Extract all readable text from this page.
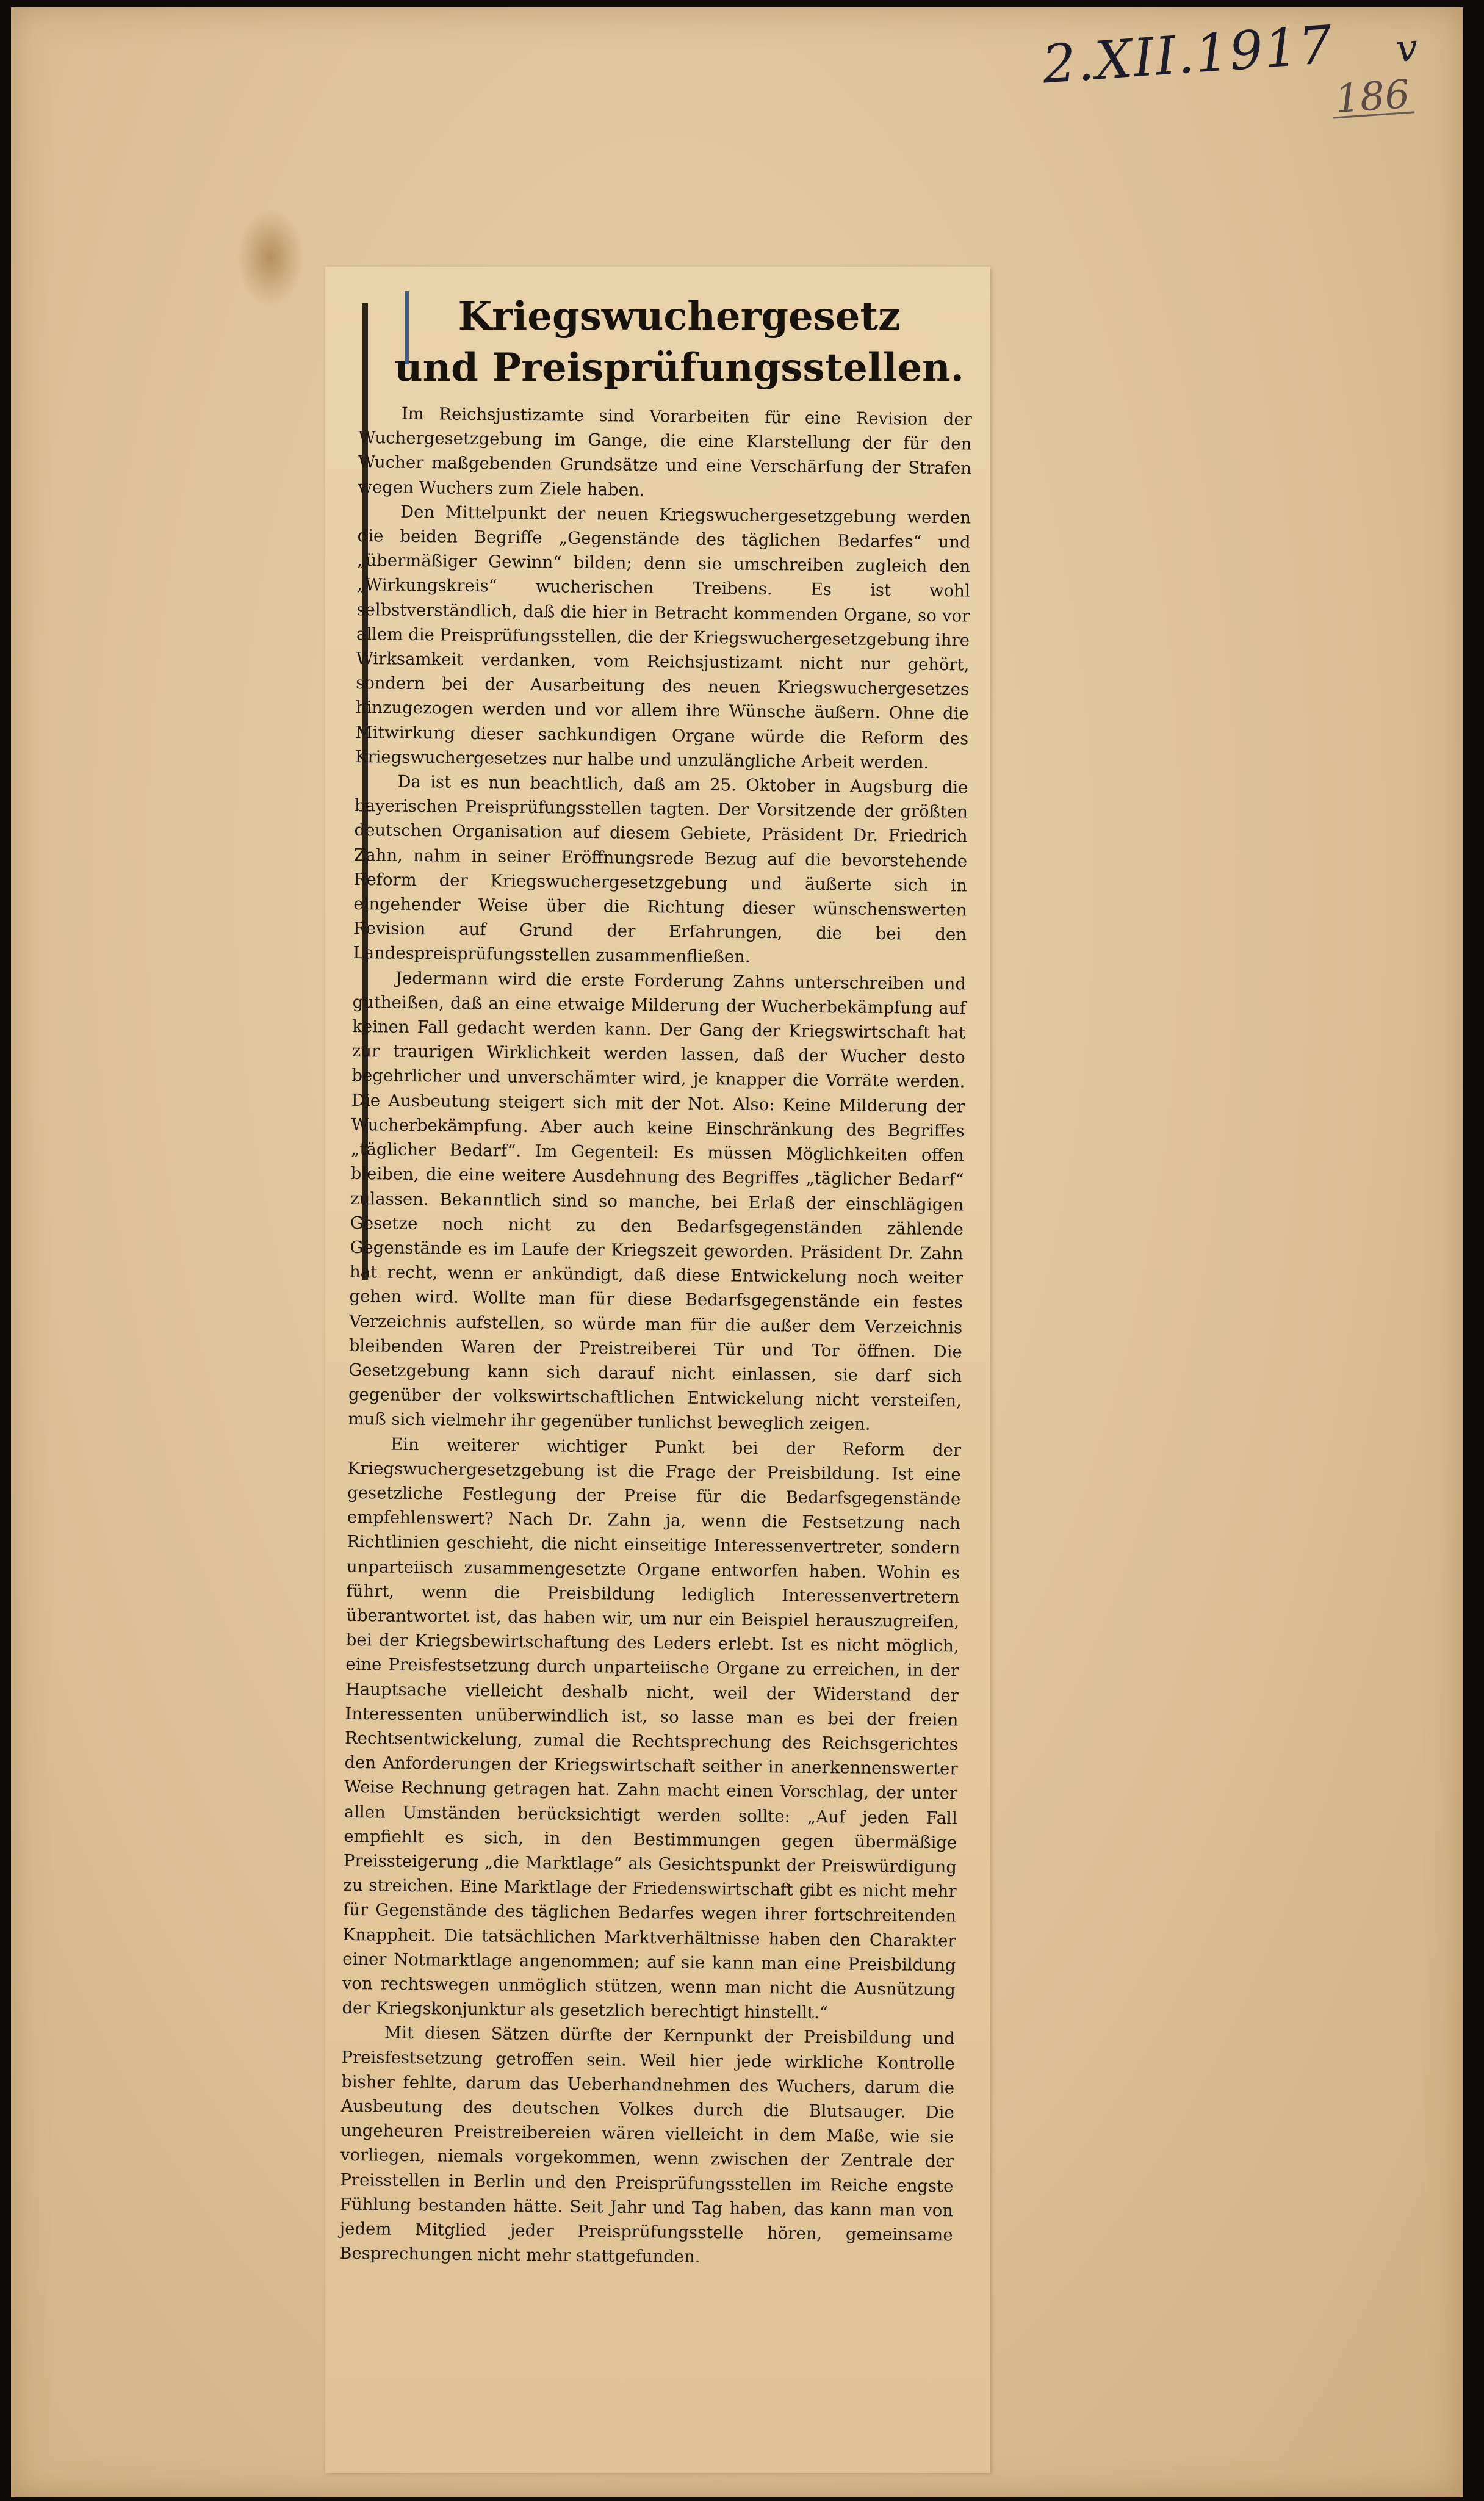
2.XII.1917 v
186
Kriegswuchergesetz
und Preisprüfungsstellen.

Im Reichsjustizamte sind Vorarbeiten für eine Revision der Wuchergesetzgebung im Gange, die eine Klarstellung der für den Wucher maßgebenden Grundsätze und eine Verschärfung der Strafen wegen Wuchers zum Ziele haben.

Den Mittelpunkt der neuen Kriegswuchergesetzgebung werden die beiden Begriffe „Gegenstände des täglichen Bedarfes“ und „übermäßiger Gewinn“ bilden; denn sie umschreiben zugleich den „Wirkungskreis“ wucherischen Treibens. Es ist wohl selbstverständlich, daß die hier in Betracht kommenden Organe, so vor allem die Preisprüfungsstellen, die der Kriegswuchergesetzgebung ihre Wirksamkeit verdanken, vom Reichsjustizamt nicht nur gehört, sondern bei der Ausarbeitung des neuen Kriegswuchergesetzes hinzugezogen werden und vor allem ihre Wünsche äußern. Ohne die Mitwirkung dieser sachkundigen Organe würde die Reform des Kriegswuchergesetzes nur halbe und unzulängliche Arbeit werden.

Da ist es nun beachtlich, daß am 25. Oktober in Augsburg die bayerischen Preisprüfungsstellen tagten. Der Vorsitzende der größten deutschen Organisation auf diesem Gebiete, Präsident Dr. Friedrich Zahn, nahm in seiner Eröffnungsrede Bezug auf die bevorstehende Reform der Kriegswuchergesetzgebung und äußerte sich in eingehender Weise über die Richtung dieser wünschenswerten Revision auf Grund der Erfahrungen, die bei den Landespreisprüfungsstellen zusammenfließen.

Jedermann wird die erste Forderung Zahns unterschreiben und gutheißen, daß an eine etwaige Milderung der Wucherbekämpfung auf keinen Fall gedacht werden kann. Der Gang der Kriegswirtschaft hat zur traurigen Wirklichkeit werden lassen, daß der Wucher desto begehrlicher und unverschämter wird, je knapper die Vorräte werden. Die Ausbeutung steigert sich mit der Not. Also: Keine Milderung der Wucherbekämpfung. Aber auch keine Einschränkung des Begriffes „täglicher Bedarf“. Im Gegenteil: Es müssen Möglichkeiten offen bleiben, die eine weitere Ausdehnung des Begriffes „täglicher Bedarf“ zulassen. Bekanntlich sind so manche, bei Erlaß der einschlägigen Gesetze noch nicht zu den Bedarfsgegenständen zählende Gegenstände es im Laufe der Kriegszeit geworden. Präsident Dr. Zahn hat recht, wenn er ankündigt, daß diese Entwickelung noch weiter gehen wird. Wollte man für diese Bedarfsgegenstände ein festes Verzeichnis aufstellen, so würde man für die außer dem Verzeichnis bleibenden Waren der Preistreiberei Tür und Tor öffnen. Die Gesetzgebung kann sich darauf nicht einlassen, sie darf sich gegenüber der volkswirtschaftlichen Entwickelung nicht versteifen, muß sich vielmehr ihr gegenüber tunlichst beweglich zeigen.

Ein weiterer wichtiger Punkt bei der Reform der Kriegswuchergesetzgebung ist die Frage der Preisbildung. Ist eine gesetzliche Festlegung der Preise für die Bedarfsgegenstände empfehlenswert? Nach Dr. Zahn ja, wenn die Festsetzung nach Richtlinien geschieht, die nicht einseitige Interessenvertreter, sondern unparteiisch zusammengesetzte Organe entworfen haben. Wohin es führt, wenn die Preisbildung lediglich Interessenvertretern überantwortet ist, das haben wir, um nur ein Beispiel herauszugreifen, bei der Kriegsbewirtschaftung des Leders erlebt. Ist es nicht möglich, eine Preisfestsetzung durch unparteiische Organe zu erreichen, in der Hauptsache vielleicht deshalb nicht, weil der Widerstand der Interessenten unüberwindlich ist, so lasse man es bei der freien Rechtsentwickelung, zumal die Rechtsprechung des Reichsgerichtes den Anforderungen der Kriegswirtschaft seither in anerkennenswerter Weise Rechnung getragen hat. Zahn macht einen Vorschlag, der unter allen Umständen berücksichtigt werden sollte: „Auf jeden Fall empfiehlt es sich, in den Bestimmungen gegen übermäßige Preissteigerung „die Marktlage“ als Gesichtspunkt der Preiswürdigung zu streichen. Eine Marktlage der Friedenswirtschaft gibt es nicht mehr für Gegenstände des täglichen Bedarfes wegen ihrer fortschreitenden Knappheit. Die tatsächlichen Marktverhältnisse haben den Charakter einer Notmarktlage angenommen; auf sie kann man eine Preisbildung von rechtswegen unmöglich stützen, wenn man nicht die Ausnützung der Kriegskonjunktur als gesetzlich berechtigt hinstellt.“

Mit diesen Sätzen dürfte der Kernpunkt der Preisbildung und Preisfestsetzung getroffen sein. Weil hier jede wirkliche Kontrolle bisher fehlte, darum das Ueberhandnehmen des Wuchers, darum die Ausbeutung des deutschen Volkes durch die Blutsauger. Die ungeheuren Preistreibereien wären vielleicht in dem Maße, wie sie vorliegen, niemals vorgekommen, wenn zwischen der Zentrale der Preisstellen in Berlin und den Preisprüfungsstellen im Reiche engste Fühlung bestanden hätte. Seit Jahr und Tag haben, das kann man von jedem Mitglied jeder Preisprüfungsstelle hören, gemeinsame Besprechungen nicht mehr stattgefunden.
